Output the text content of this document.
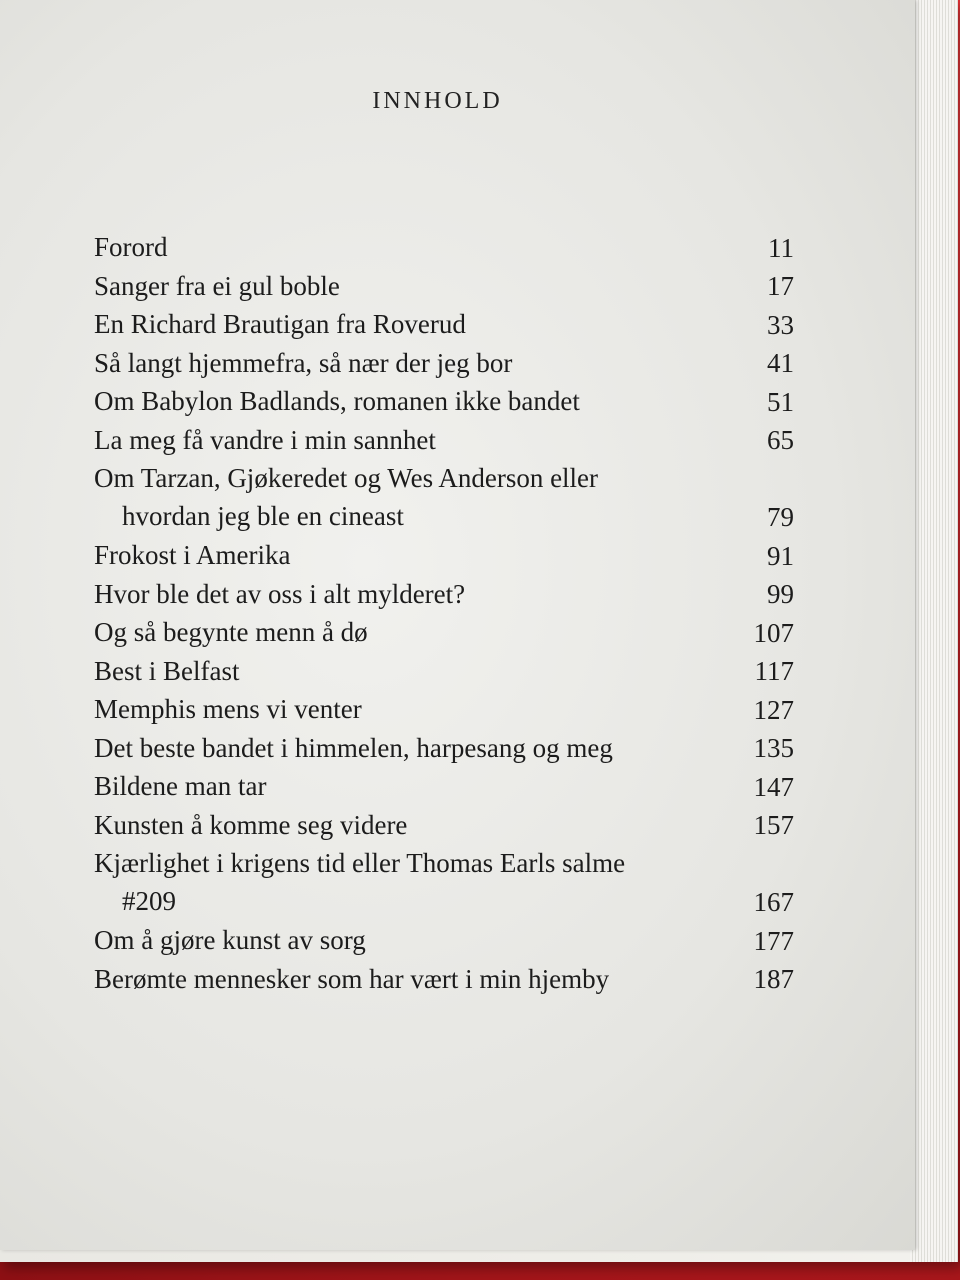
INNHOLD
Forord	11
Sanger fra ei gul boble	17
En Richard Brautigan fra Roverud	33
Så langt hjemmefra, så nær der jeg bor	41
Om Babylon Badlands, romanen ikke bandet	51
La meg få vandre i min sannhet	65
Om Tarzan, Gjøkeredet og Wes Anderson eller
hvordan jeg ble en cineast	79
Frokost i Amerika	91
Hvor ble det av oss i alt mylderet?	99
Og så begynte menn å dø	107
Best i Belfast	117
Memphis mens vi venter	127
Det beste bandet i himmelen, harpesang og meg	135
Bildene man tar	147
Kunsten å komme seg videre	157
Kjærlighet i krigens tid eller Thomas Earls salme
#209	167
Om å gjøre kunst av sorg	177
Berømte mennesker som har vært i min hjemby	187
